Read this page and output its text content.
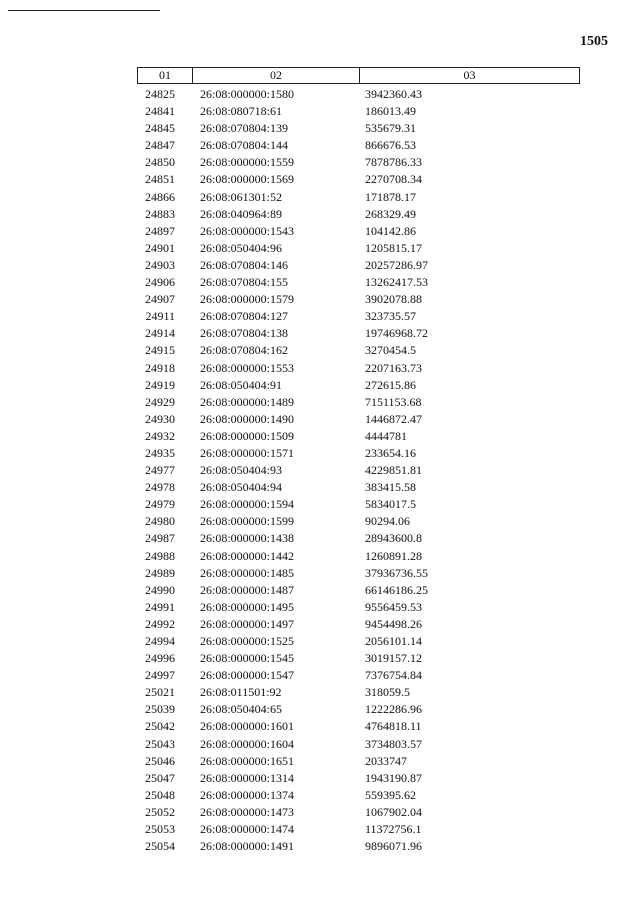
1505
01	02	03
24825	26:08:000000:1580	3942360.43
24841	26:08:080718:61	186013.49
24845	26:08:070804:139	535679.31
24847	26:08:070804:144	866676.53
24850	26:08:000000:1559	7878786.33
24851	26:08:000000:1569	2270708.34
24866	26:08:061301:52	171878.17
24883	26:08:040964:89	268329.49
24897	26:08:000000:1543	104142.86
24901	26:08:050404:96	1205815.17
24903	26:08:070804:146	20257286.97
24906	26:08:070804:155	13262417.53
24907	26:08:000000:1579	3902078.88
24911	26:08:070804:127	323735.57
24914	26:08:070804:138	19746968.72
24915	26:08:070804:162	3270454.5
24918	26:08:000000:1553	2207163.73
24919	26:08:050404:91	272615.86
24929	26:08:000000:1489	7151153.68
24930	26:08:000000:1490	1446872.47
24932	26:08:000000:1509	4444781
24935	26:08:000000:1571	233654.16
24977	26:08:050404:93	4229851.81
24978	26:08:050404:94	383415.58
24979	26:08:000000:1594	5834017.5
24980	26:08:000000:1599	90294.06
24987	26:08:000000:1438	28943600.8
24988	26:08:000000:1442	1260891.28
24989	26:08:000000:1485	37936736.55
24990	26:08:000000:1487	66146186.25
24991	26:08:000000:1495	9556459.53
24992	26:08:000000:1497	9454498.26
24994	26:08:000000:1525	2056101.14
24996	26:08:000000:1545	3019157.12
24997	26:08:000000:1547	7376754.84
25021	26:08:011501:92	318059.5
25039	26:08:050404:65	1222286.96
25042	26:08:000000:1601	4764818.11
25043	26:08:000000:1604	3734803.57
25046	26:08:000000:1651	2033747
25047	26:08:000000:1314	1943190.87
25048	26:08:000000:1374	559395.62
25052	26:08:000000:1473	1067902.04
25053	26:08:000000:1474	11372756.1
25054	26:08:000000:1491	9896071.96
